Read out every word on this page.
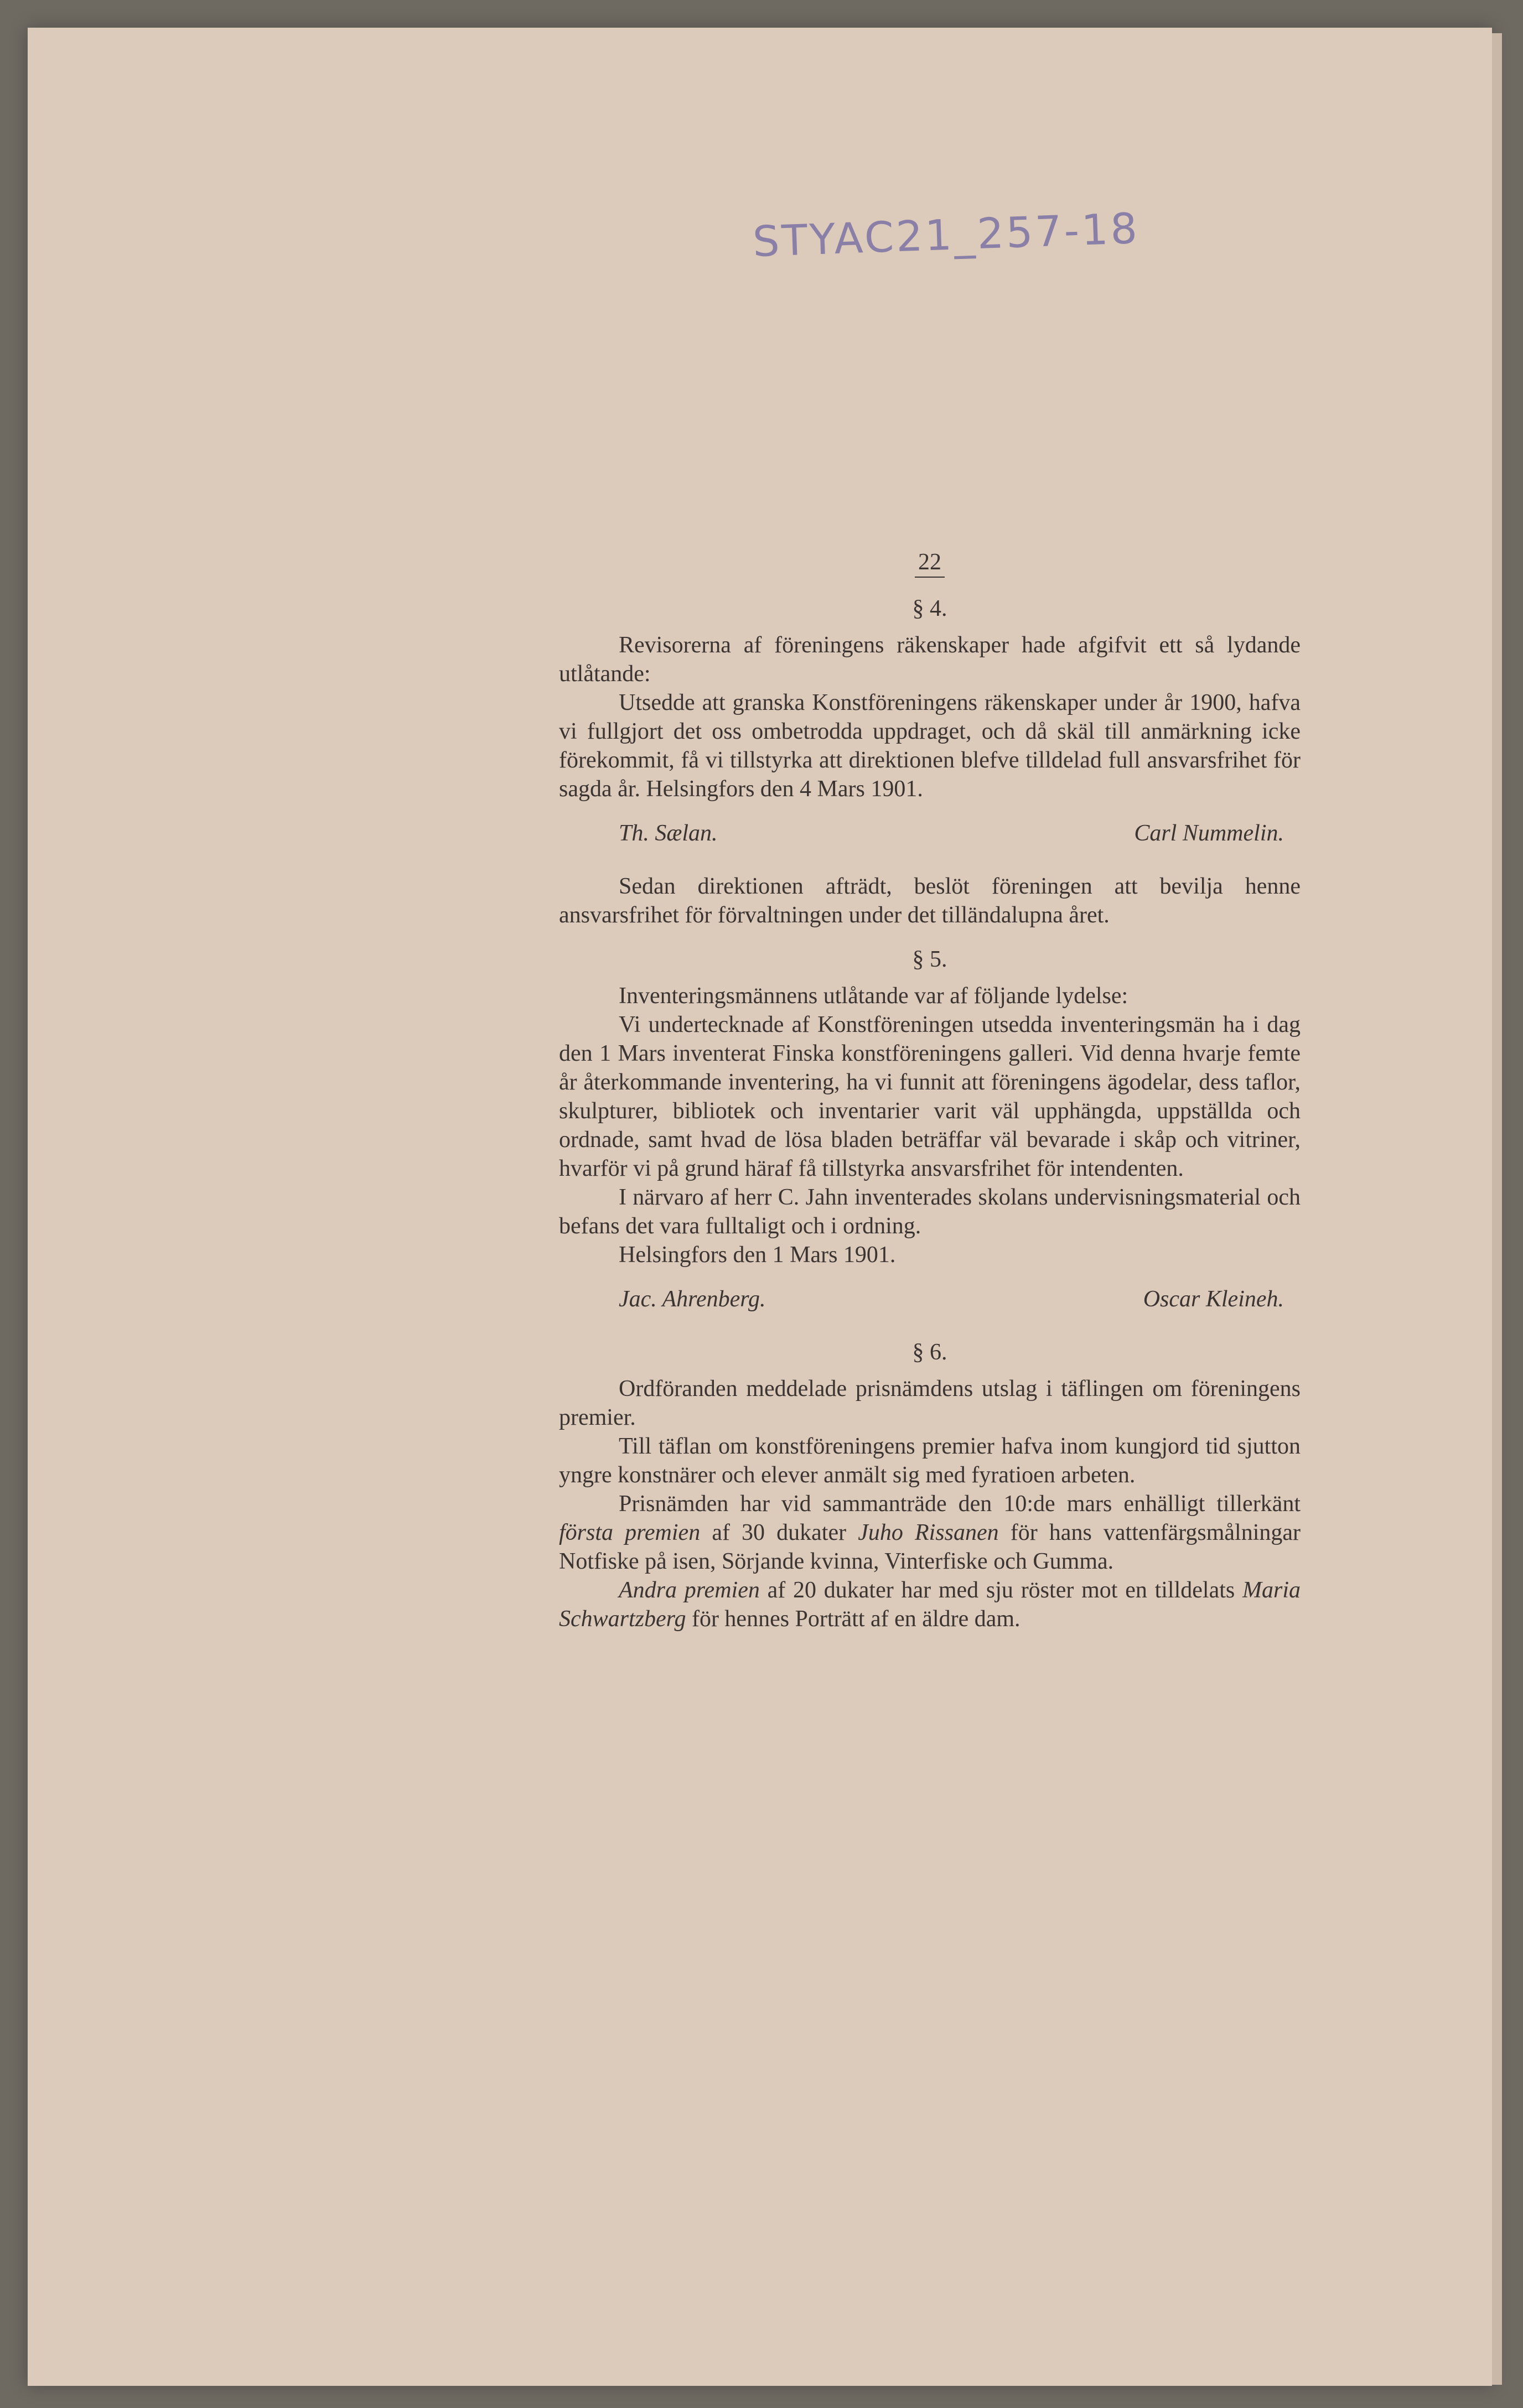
STYAC21_257-18
22
§ 4.

Revisorerna af föreningens räkenskaper hade afgifvit ett så lydande utlåtande:

Utsedde att granska Konstföreningens räkenskaper under år 1900, hafva vi fullgjort det oss ombetrodda uppdraget, och då skäl till anmärkning icke förekommit, få vi tillstyrka att direktionen blefve tilldelad full ansvarsfrihet för sagda år. Helsingfors den 4 Mars 1901.

Th. Sælan.	Carl Nummelin.

Sedan direktionen afträdt, beslöt föreningen att bevilja henne ansvarsfrihet för förvaltningen under det tilländalupna året.

§ 5.

Inventeringsmännens utlåtande var af följande lydelse:

Vi undertecknade af Konstföreningen utsedda inventeringsmän ha i dag den 1 Mars inventerat Finska konstföreningens galleri. Vid denna hvarje femte år återkommande inventering, ha vi funnit att föreningens ägodelar, dess taflor, skulpturer, bibliotek och inventarier varit väl upphängda, uppställda och ordnade, samt hvad de lösa bladen beträffar väl bevarade i skåp och vitriner, hvarför vi på grund häraf få tillstyrka ansvarsfrihet för intendenten.

I närvaro af herr C. Jahn inventerades skolans undervisningsmaterial och befans det vara fulltaligt och i ordning.

Helsingfors den 1 Mars 1901.

Jac. Ahrenberg.	Oscar Kleineh.
§ 6.

Ordföranden meddelade prisnämdens utslag i täflingen om föreningens premier.

Till täflan om konstföreningens premier hafva inom kungjord tid sjutton yngre konstnärer och elever anmält sig med fyratioen arbeten.

Prisnämden har vid sammanträde den 10:de mars enhälligt tillerkänt första premien af 30 dukater Juho Rissanen för hans vattenfärgsmålningar Notfiske på isen, Sörjande kvinna, Vinterfiske och Gumma.

Andra premien af 20 dukater har med sju röster mot en tilldelats Maria Schwartzberg för hennes Porträtt af en äldre dam.
